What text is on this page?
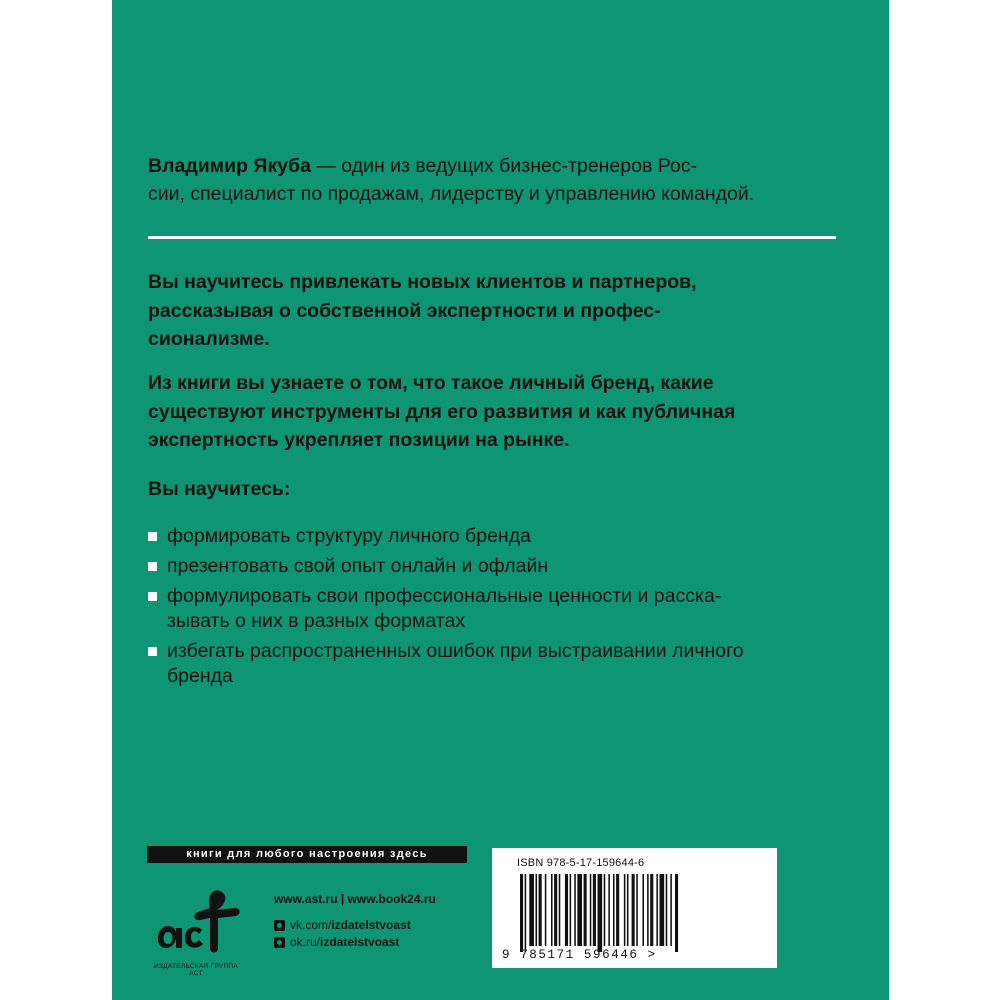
Владимир Якуба — один из ведущих бизнес-тренеров Рос-
сии, специалист по продажам, лидерству и управлению командой.

Вы научитесь привлекать новых клиентов и партнеров,
рассказывая о собственной экспертности и профес-
сионализме.

Из книги вы узнаете о том, что такое личный бренд, какие
существуют инструменты для его развития и как публичная
экспертность укрепляет позиции на рынке.

Вы научитесь:
формировать структуру личного бренда
презентовать свой опыт онлайн и офлайн
формулировать свои профессиональные ценности и расска-
зывать о них в разных форматах
избегать распространенных ошибок при выстраивании личного
бренда
книги для любого настроения здесь
ИЗДАТЕЛЬСКАЯ ГРУППА АСТ
www.ast.ru | www.book24.ru
vk.com/ izdatelstvoast
ok.ru/ izdatelstvoast
ISBN 978-5-17-159644-6
9 785171 596446 >
